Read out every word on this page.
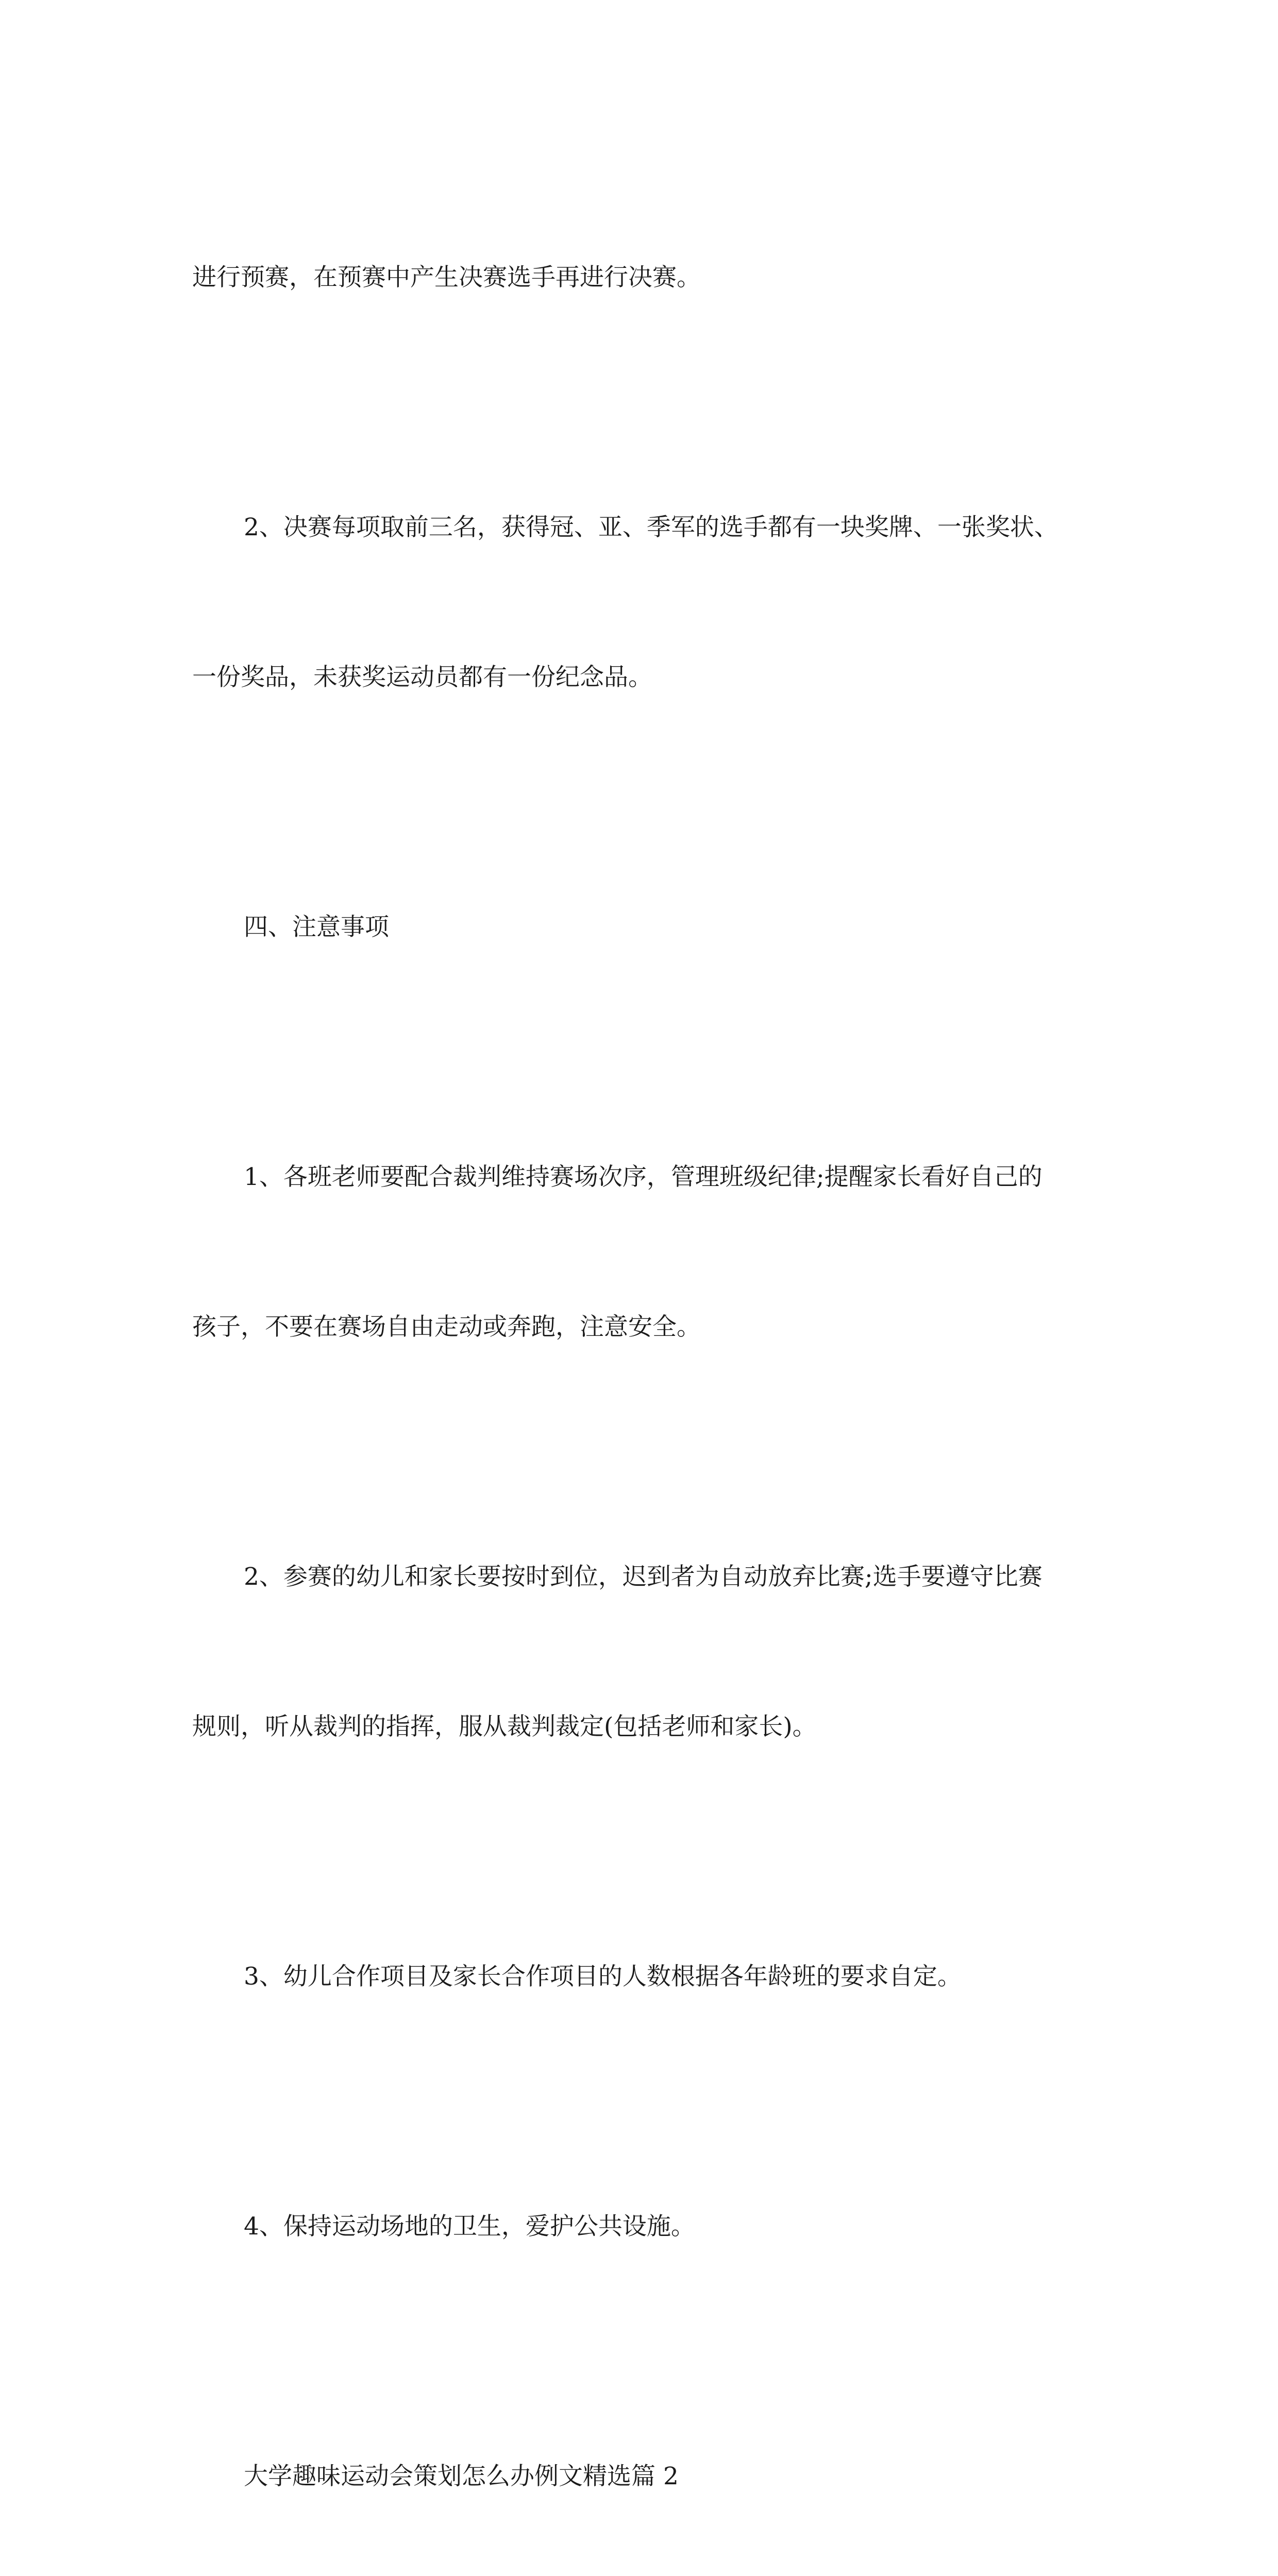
进行预赛，在预赛中产生决赛选手再进行决赛。

2、决赛每项取前三名，获得冠、亚、季军的选手都有一块奖牌、一张奖状、

一份奖品，未获奖运动员都有一份纪念品。

四、注意事项

1、各班老师要配合裁判维持赛场次序，管理班级纪律;提醒家长看好自己的

孩子，不要在赛场自由走动或奔跑，注意安全。

2、参赛的幼儿和家长要按时到位，迟到者为自动放弃比赛;选手要遵守比赛

规则，听从裁判的指挥，服从裁判裁定(包括老师和家长)。

3、幼儿合作项目及家长合作项目的人数根据各年龄班的要求自定。

4、保持运动场地的卫生，爱护公共设施。

大学趣味运动会策划怎么办例文精选篇 2
